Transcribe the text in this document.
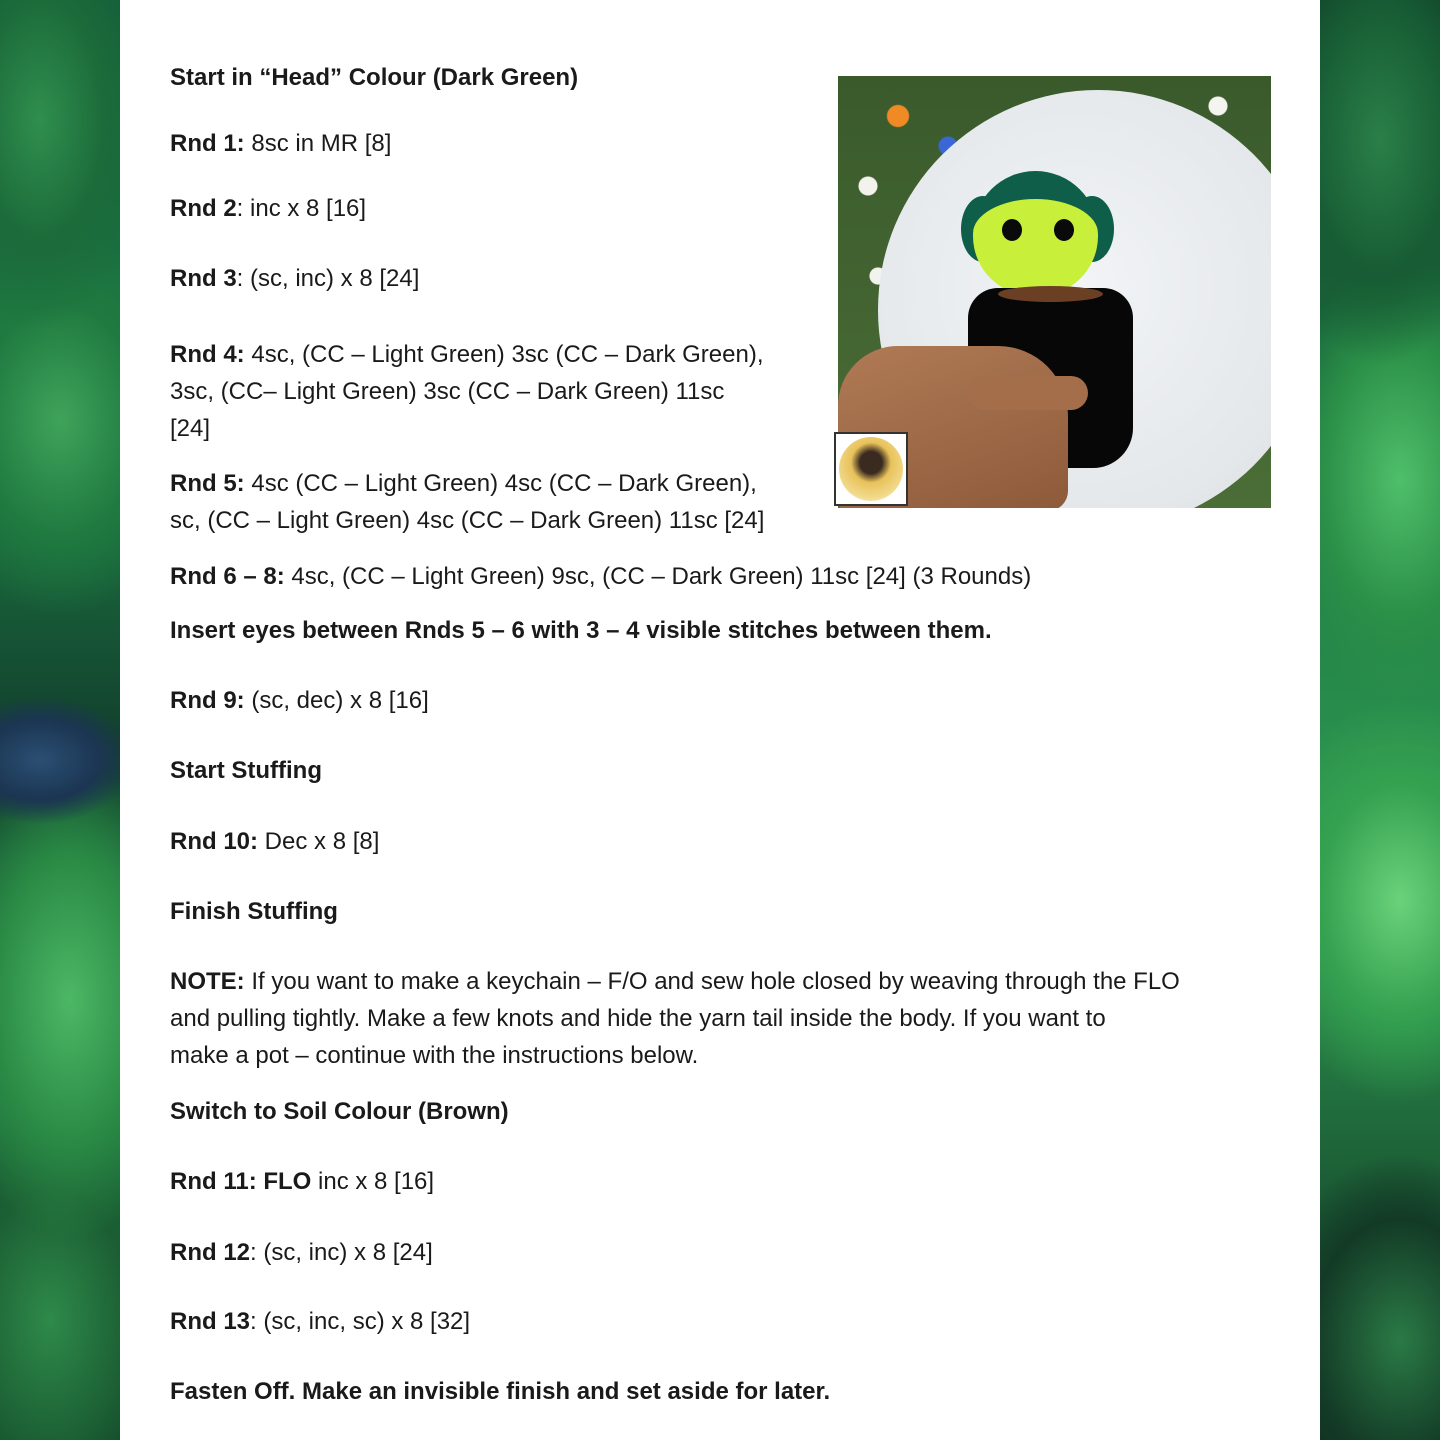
Start in “Head” Colour (Dark Green)
Rnd 1: 8sc in MR [8]
Rnd 2: inc x 8 [16]
Rnd 3: (sc, inc) x 8 [24]
Rnd 4: 4sc, (CC – Light Green) 3sc (CC – Dark Green),
3sc, (CC– Light Green) 3sc (CC – Dark Green) 11sc
[24]
Rnd 5: 4sc (CC – Light Green) 4sc (CC – Dark Green),
sc, (CC – Light Green) 4sc (CC – Dark Green) 11sc [24]
Rnd 6 – 8: 4sc, (CC – Light Green) 9sc, (CC – Dark Green) 11sc [24] (3 Rounds)
Insert eyes between Rnds 5 – 6 with 3 – 4 visible stitches between them.
Rnd 9: (sc, dec) x 8 [16]
Start Stuffing
Rnd 10: Dec x 8 [8]
Finish Stuffing
NOTE: If you want to make a keychain – F/O and sew hole closed by weaving through the FLO
and pulling tightly. Make a few knots and hide the yarn tail inside the body. If you want to
make a pot – continue with the instructions below.
Switch to Soil Colour (Brown)
Rnd 11: FLO inc x 8 [16]
Rnd 12: (sc, inc) x 8 [24]
Rnd 13: (sc, inc, sc) x 8 [32]
Fasten Off. Make an invisible finish and set aside for later.
